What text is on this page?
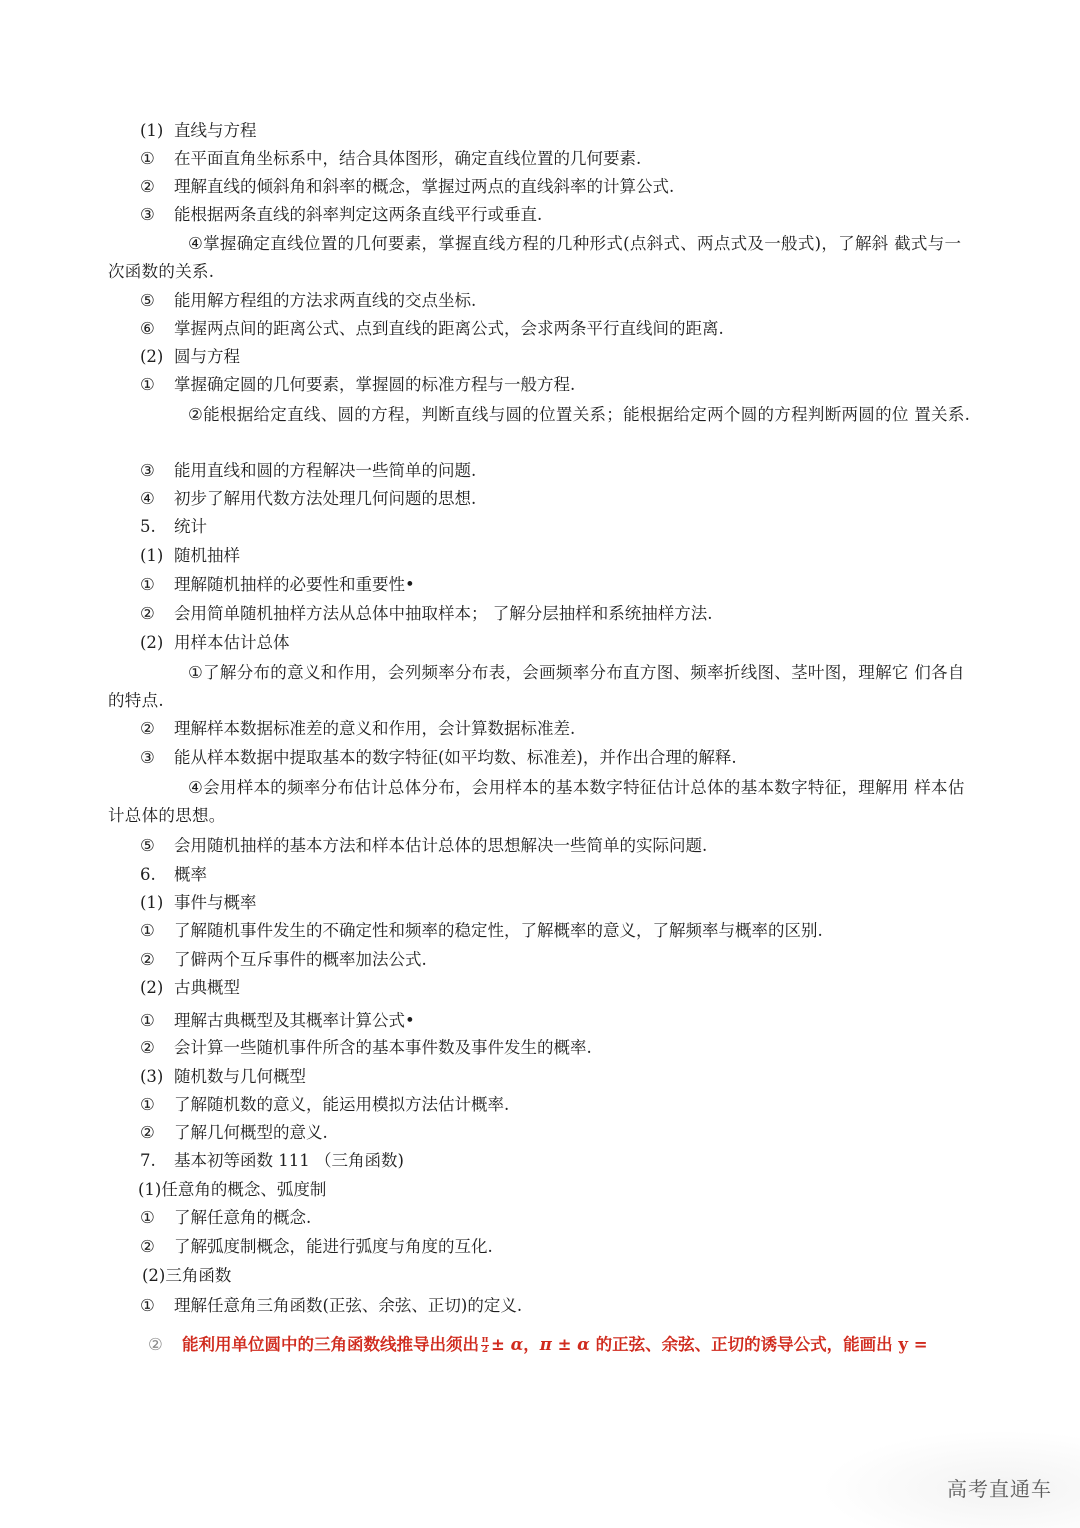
(1) 直线与方程
① 在平面直角坐标系中，结合具体图形，确定直线位置的几何要素.
② 理解直线的倾斜角和斜率的概念，掌握过两点的直线斜率的计算公式.
③ 能根据两条直线的斜率判定这两条直线平行或垂直.
④掌握确定直线位置的几何要素，掌握直线方程的几种形式(点斜式、两点式及一般式)，了解斜 截式与一次函数的关系.
⑤ 能用解方程组的方法求两直线的交点坐标.
⑥ 掌握两点间的距离公式、点到直线的距离公式，会求两条平行直线间的距离.
(2) 圆与方程
① 掌握确定圆的几何要素，掌握圆的标准方程与一般方程.
②能根据给定直线、圆的方程，判断直线与圆的位置关系；能根据给定两个圆的方程判断两圆的位 置关系.
③ 能用直线和圆的方程解决一些简单的问题.
④ 初步了解用代数方法处理几何问题的思想.
5. 统计
(1) 随机抽样
① 理解随机抽样的必要性和重要性•
② 会用简单随机抽样方法从总体中抽取样本； 了解分层抽样和系统抽样方法.
(2) 用样本估计总体
①了解分布的意义和作用，会列频率分布表，会画频率分布直方图、频率折线图、茎叶图，理解它 们各自的特点.
② 理解样本数据标准差的意义和作用，会计算数据标准差.
③ 能从样本数据中提取基本的数字特征(如平均数、标准差)，并作出合理的解释.
④会用样本的频率分布估计总体分布，会用样本的基本数字特征估计总体的基本数字特征，理解用 样本估计总体的思想。
⑤ 会用随机抽样的基本方法和样本估计总体的思想解决一些简单的实际问题.
6. 概率
(1) 事件与概率
① 了解随机事件发生的不确定性和频率的稳定性，了解概率的意义，了解频率与概率的区别.
② 了僻两个互斥事件的概率加法公式.
(2) 古典概型
① 理解古典概型及其概率计算公式•
② 会计算一些随机事件所含的基本事件数及事件发生的概率.
(3) 随机数与几何概型
① 了解随机数的意义，能运用模拟方法估计概率.
② 了解几何概型的意义.
7. 基本初等函数 111 （三角函数)
(1)任意角的概念、弧度制
① 了解任意角的概念.
② 了解弧度制概念，能进行弧度与角度的互化.
(2)三角函数
① 理解任意角三角函数(正弦、余弦、正切)的定义.
② 能利用单位圆中的三角函数线推导出须出 $\frac{\pi}{2} \pm \alpha$，π ± α 的正弦、余弦、正切的诱导公式，能画出 y =
高考直通车
